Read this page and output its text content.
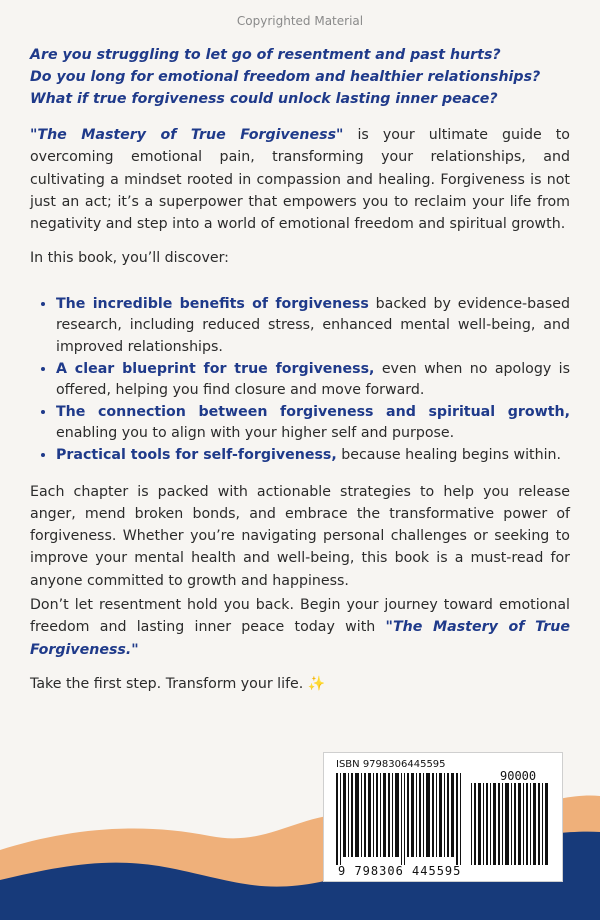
Copyrighted Material
Are you struggling to let go of resentment and past hurts?
Do you long for emotional freedom and healthier relationships?
What if true forgiveness could unlock lasting inner peace?

"The Mastery of True Forgiveness" is your ultimate guide to overcoming emotional pain, transforming your relationships, and cultivating a mindset rooted in compassion and healing. Forgiveness is not just an act; it’s a superpower that empowers you to reclaim your life from negativity and step into a world of emotional freedom and spiritual growth.

In this book, you’ll discover:

• The incredible benefits of forgiveness backed by evidence-based research, including reduced stress, enhanced mental well-being, and improved relationships.
• A clear blueprint for true forgiveness, even when no apology is offered, helping you find closure and move forward.
• The connection between forgiveness and spiritual growth, enabling you to align with your higher self and purpose.
• Practical tools for self-forgiveness, because healing begins within.

Each chapter is packed with actionable strategies to help you release anger, mend broken bonds, and embrace the transformative power of forgiveness. Whether you’re navigating personal challenges or seeking to improve your mental health and well-being, this book is a must-read for anyone committed to growth and happiness.

Don’t let resentment hold you back. Begin your journey toward emotional freedom and lasting inner peace today with "The Mastery of True Forgiveness."

Take the first step. Transform your life. ✨

ISBN 9798306445595
90000
9 798306 445595
